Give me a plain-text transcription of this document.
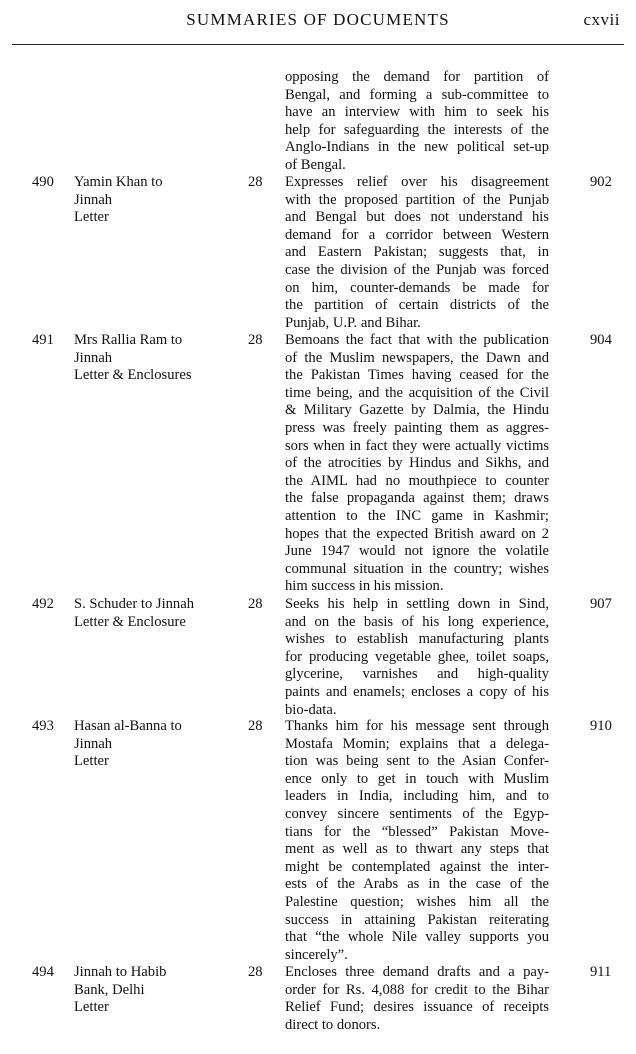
SUMMARIES OF DOCUMENTS	cxvii
opposing the demand for partition of
Bengal, and forming a sub-committee to
have an interview with him to seek his
help for safeguarding the interests of the
Anglo-Indians in the new political set-up
of Bengal.
490 Yamin Khan to
Jinnah
Letter
28 Expresses relief over his disagreement
with the proposed partition of the Punjab
and Bengal but does not understand his
demand for a corridor between Western
and Eastern Pakistan; suggests that, in
case the division of the Punjab was forced
on him, counter-demands be made for
the partition of certain districts of the
Punjab, U.P. and Bihar.
902
491 Mrs Rallia Ram to
Jinnah
Letter & Enclosures
28 Bemoans the fact that with the publication
of the Muslim newspapers, the Dawn and
the Pakistan Times having ceased for the
time being, and the acquisition of the Civil
& Military Gazette by Dalmia, the Hindu
press was freely painting them as aggres-
sors when in fact they were actually victims
of the atrocities by Hindus and Sikhs, and
the AIML had no mouthpiece to counter
the false propaganda against them; draws
attention to the INC game in Kashmir;
hopes that the expected British award on 2
June 1947 would not ignore the volatile
communal situation in the country; wishes
him success in his mission.
904
492 S. Schuder to Jinnah
Letter & Enclosure
28 Seeks his help in settling down in Sind,
and on the basis of his long experience,
wishes to establish manufacturing plants
for producing vegetable ghee, toilet soaps,
glycerine, varnishes and high-quality
paints and enamels; encloses a copy of his
bio-data.
907
493 Hasan al-Banna to
Jinnah
Letter
28 Thanks him for his message sent through
Mostafa Momin; explains that a delega-
tion was being sent to the Asian Confer-
ence only to get in touch with Muslim
leaders in India, including him, and to
convey sincere sentiments of the Egyp-
tians for the “blessed” Pakistan Move-
ment as well as to thwart any steps that
might be contemplated against the inter-
ests of the Arabs as in the case of the
Palestine question; wishes him all the
success in attaining Pakistan reiterating
that “the whole Nile valley supports you
sincerely”.
910
494 Jinnah to Habib
Bank, Delhi
Letter
28 Encloses three demand drafts and a pay-
order for Rs. 4,088 for credit to the Bihar
Relief Fund; desires issuance of receipts
direct to donors.
911
